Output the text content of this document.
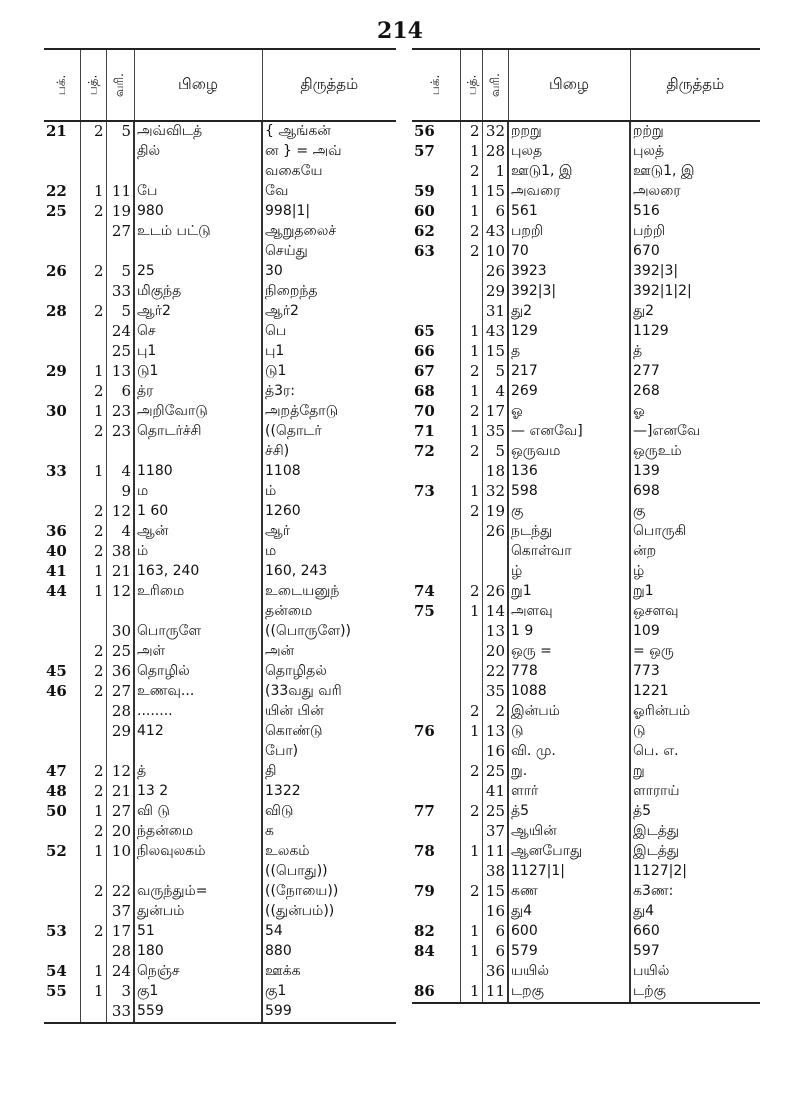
214
பக்.	பத்.	வரி.	பிழை	திருத்தம்
21	2	5	அவ்விடத்	{ ஆங்கன்
			தில்	ன } = அவ்
				வகையே
22	1	11	பே	வே
25	2	19	980	998|1|
		27	உடம் பட்டு	ஆறுதலைச்
				செய்து
26	2	5	25	30
		33	மிகுந்த	நிறைந்த
28	2	5	ஆர்2	ஆர்2
		24	செ	பெ
		25	பு1	பு1
29	1	13	டு1	டு1
	2	6	த்ர	த்3ர:
30	1	23	அறிவோடு	அறத்தோடு
	2	23	தொடர்ச்சி	((தொடர்
				ச்சி)
33	1	4	1180	1108
		9	ம	ம்
	2	12	1 60	1260
36	2	4	ஆன்	ஆர்
40	2	38	ம்	ம
41	1	21	163, 240	160, 243
44	1	12	உரிமை	உடையனுந்
				தன்மை
		30	பொருளே	((பொருளே))
	2	25	அள்	அன்
45	2	36	தொழில்	தொழிதல்
46	2	27	உணவு...	(33வது வரி
		28	........	யின் பின்
		29	412	கொண்டு
				போ)
47	2	12	த்	தி
48	2	21	13 2	1322
50	1	27	வி டு	விடு
	2	20	ந்தன்மை	க
52	1	10	நிலவுலகம்	உலகம்
				((பொது))
	2	22	வருந்தும்=	((நோயை))
		37	துன்பம்	((துன்பம்))
53	2	17	51	54
		28	180	880
54	1	24	நெஞ்ச	ஊக்க
55	1	3	கு1	கு1
		33	559	599
பக்.	பத்.	வரி.	பிழை	திருத்தம்
56	2	32	றறறு	றற்று
57	1	28	புலத	புலத்
	2	1	ஊடு1, இ	ஊடு1, இ
59	1	15	அவரை	அலரை
60	1	6	561	516
62	2	43	பறறி	பற்றி
63	2	10	70	670
		26	3923	392|3|
		29	392|3|	392|1|2|
		31	து2	து2
65	1	43	129	1129
66	1	15	த	த்
67	2	5	217	277
68	1	4	269	268
70	2	17	ஓ	ஓ
71	1	35	— எனவே]	—]எனவே
72	2	5	ஒருவம	ஒருஉம்
		18	136	139
73	1	32	598	698
	2	19	கு	கு
		26	நடந்து	பொருகி
			கொள்வா	ன்ற
			ழ்	ழ்
74	2	26	று1	று1
75	1	14	அளவு	ஒசளவு
		13	1 9	109
		20	ஒரு =	= ஒரு
		22	778	773
		35	1088	1221
	2	2	இன்பம்	ஓரின்பம்
76	1	13	டு	டு
		16	வி. மு.	பெ. எ.
	2	25	று.	று
		41	ளார்	ளாராய்
77	2	25	த்5	த்5
		37	ஆயின்	இடத்து
78	1	11	ஆனபோது	இடத்து
		38	1127|1|	1127|2|
79	2	15	கண	க3ண:
		16	து4	து4
82	1	6	600	660
84	1	6	579	597
		36	யயில்	பயில்
86	1	11	டறகு	டற்கு
